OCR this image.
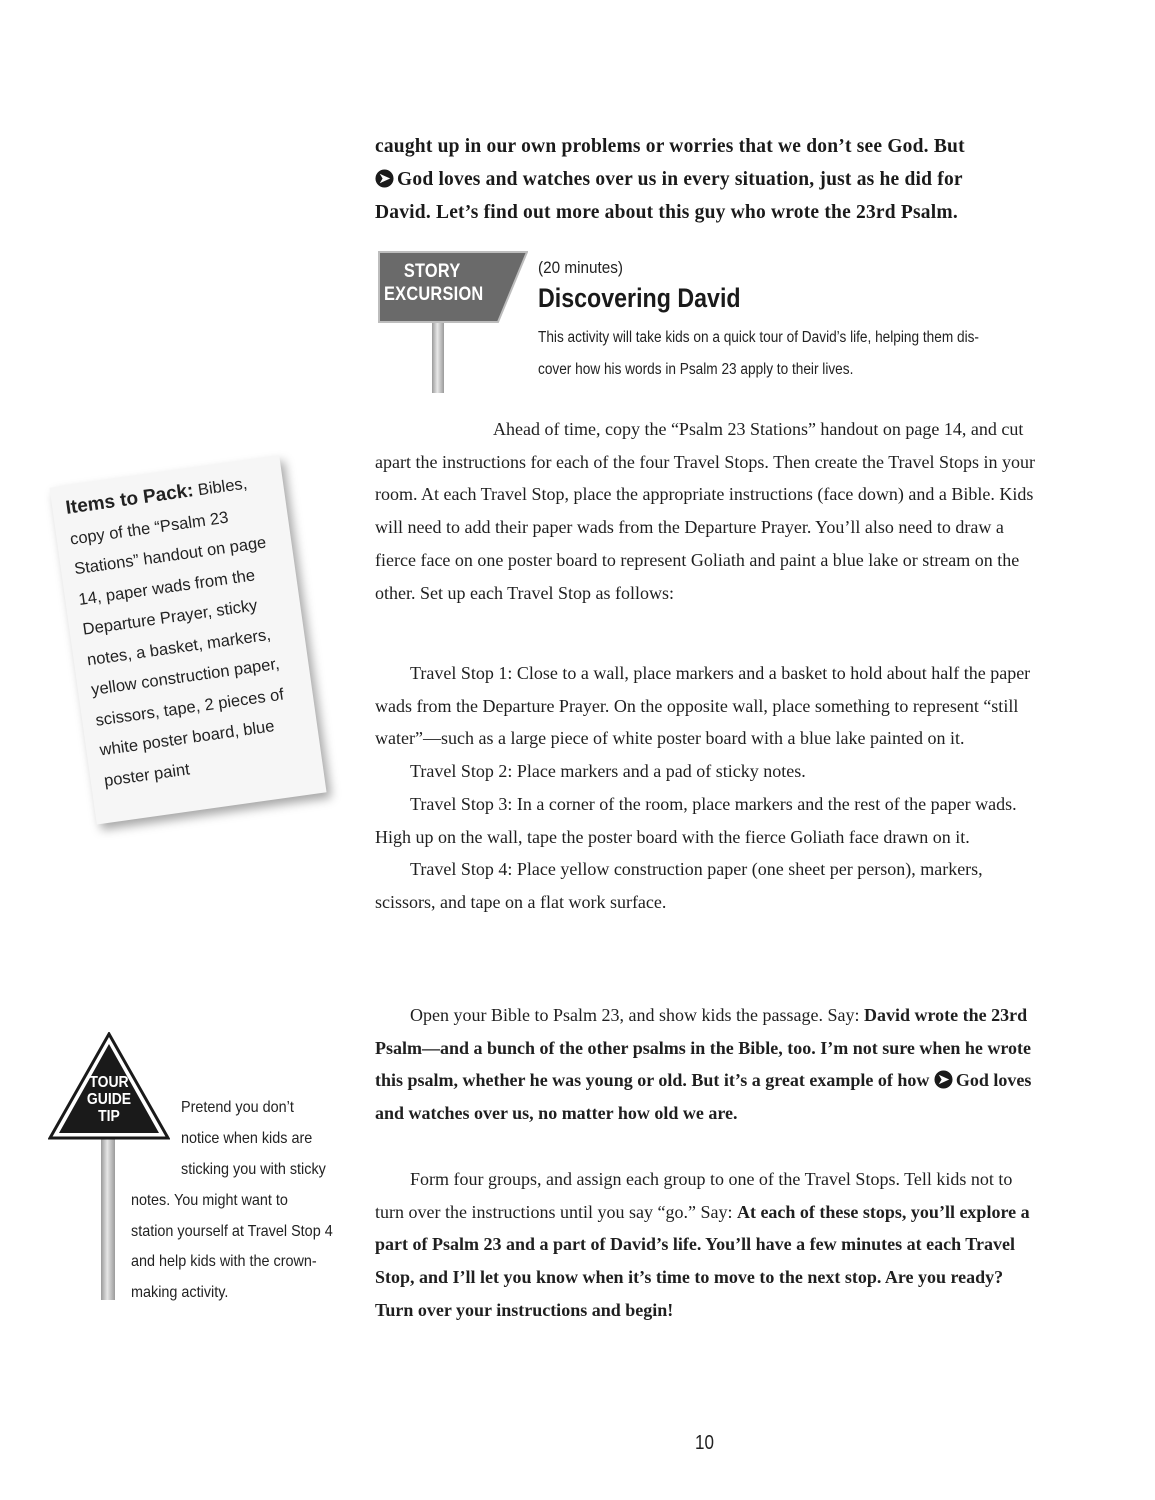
caught up in our own problems or worries that we don’t see God. But
God loves and watches over us in every situation, just as he did for
David. Let’s find out more about this guy who wrote the 23rd Psalm.
STORY
EXCURSION
(20 minutes)
Discovering David
This activity will take kids on a quick tour of David’s life, helping them dis-
cover how his words in Psalm 23 apply to their lives.

Ahead of time, copy the “Psalm 23 Stations” handout on page 14, and cut apart the instructions for each of the four Travel Stops. Then create the Travel Stops in your room. At each Travel Stop, place the appropriate instructions (face down) and a Bible. Kids will need to add their paper wads from the Departure Prayer. You’ll also need to draw a fierce face on one poster board to represent Goliath and paint a blue lake or stream on the other. Set up each Travel Stop as follows:

Travel Stop 1: Close to a wall, place markers and a basket to hold about half the paper wads from the Departure Prayer. On the opposite wall, place something to represent “still water”—such as a large piece of white poster board with a blue lake painted on it.

Travel Stop 2: Place markers and a pad of sticky notes.

Travel Stop 3: In a corner of the room, place markers and the rest of the paper wads. High up on the wall, tape the poster board with the fierce Goliath face drawn on it.

Travel Stop 4: Place yellow construction paper (one sheet per person), markers, scissors, and tape on a flat work surface.

Open your Bible to Psalm 23, and show kids the passage. Say: David wrote the 23rd Psalm—and a bunch of the other psalms in the Bible, too. I’m not sure when he wrote this psalm, whether he was young or old. But it’s a great example of how God loves and watches over us, no matter how old we are.

Form four groups, and assign each group to one of the Travel Stops. Tell kids not to turn over the instructions until you say “go.” Say: At each of these stops, you’ll explore a part of Psalm 23 and a part of David’s life. You’ll have a few minutes at each Travel Stop, and I’ll let you know when it’s time to move to the next stop. Are you ready? Turn over your instructions and begin!

Items to Pack: Bibles, copy of the “Psalm 23 Stations” handout on page 14, paper wads from the Departure Prayer, sticky notes, a basket, markers, yellow construction paper, scissors, tape, 2 pieces of white poster board, blue poster paint
TOUR
GUIDE
TIP
Pretend you don’t
notice when kids are
sticking you with sticky
notes. You might want to
station yourself at Travel Stop 4
and help kids with the crown-
making activity.
10
